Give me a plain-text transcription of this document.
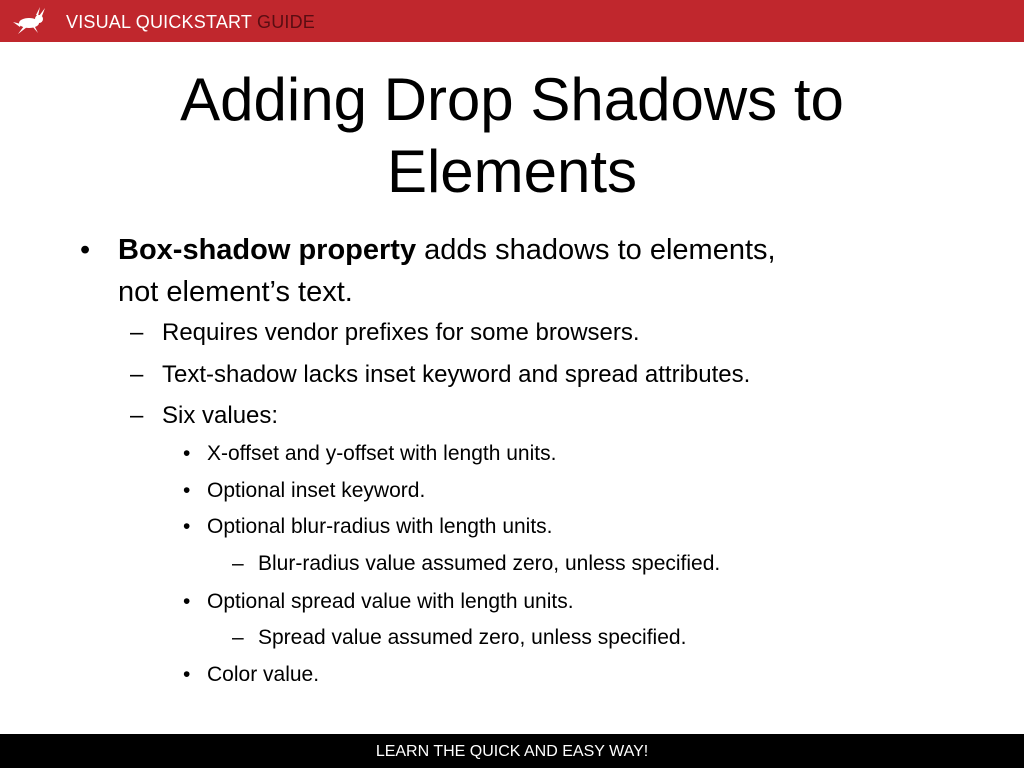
VISUAL QUICKSTART GUIDE
Adding Drop Shadows to
Elements
• Box-shadow property adds shadows to elements,
not element’s text.
– Requires vendor prefixes for some browsers.
– Text-shadow lacks inset keyword and spread attributes.
– Six values:
• X-offset and y-offset with length units.
• Optional inset keyword.
• Optional blur-radius with length units.
– Blur-radius value assumed zero, unless specified.
• Optional spread value with length units.
– Spread value assumed zero, unless specified.
• Color value.
LEARN THE QUICK AND EASY WAY!
